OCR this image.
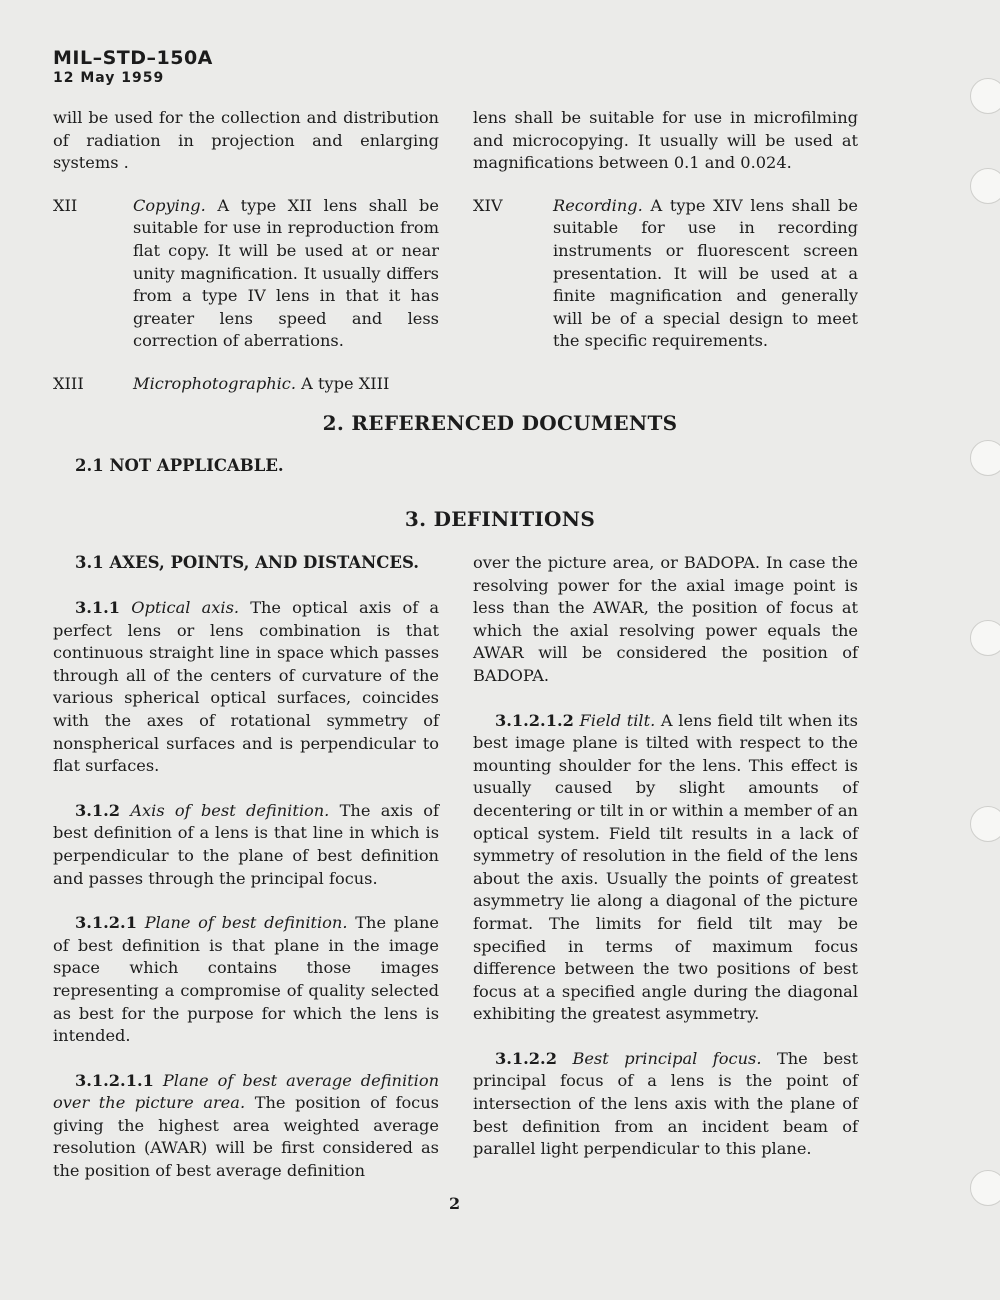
MIL–STD–150A
12 May 1959

will be used for the collection and distribution of radiation in projection and enlarging systems .

XII	Copying. A type XII lens shall be suitable for use in reproduction from flat copy. It will be used at or near unity magnification. It usually differs from a type IV lens in that it has greater lens speed and less correction of aberrations.
XIII	Microphotographic. A type XIII

lens shall be suitable for use in microfilming and microcopying. It usually will be used at magnifications between 0.1 and 0.024.

XIV	Recording. A type XIV lens shall be suitable for use in recording instruments or fluorescent screen presentation. It will be used at a finite magnification and generally will be of a special design to meet the specific requirements.
2. REFERENCED DOCUMENTS
2.1 NOT APPLICABLE.
3. DEFINITIONS
3.1 AXES, POINTS, AND DISTANCES.

3.1.1 Optical axis. The optical axis of a perfect lens or lens combination is that continuous straight line in space which passes through all of the centers of curvature of the various spherical optical surfaces, coincides with the axes of rotational symmetry of nonspherical surfaces and is perpendicular to flat surfaces.

3.1.2 Axis of best definition. The axis of best definition of a lens is that line in which is perpendicular to the plane of best definition and passes through the principal focus.

3.1.2.1 Plane of best definition. The plane of best definition is that plane in the image space which contains those images representing a compromise of quality selected as best for the purpose for which the lens is intended.

3.1.2.1.1 Plane of best average definition over the picture area. The position of focus giving the highest area weighted average resolution (AWAR) will be first considered as the position of best average definition

over the picture area, or BADOPA. In case the resolving power for the axial image point is less than the AWAR, the position of focus at which the axial resolving power equals the AWAR will be considered the position of BADOPA.

3.1.2.1.2 Field tilt. A lens field tilt when its best image plane is tilted with respect to the mounting shoulder for the lens. This effect is usually caused by slight amounts of decentering or tilt in or within a member of an optical system. Field tilt results in a lack of symmetry of resolution in the field of the lens about the axis. Usually the points of greatest asymmetry lie along a diagonal of the picture format. The limits for field tilt may be specified in terms of maximum focus difference between the two positions of best focus at a specified angle during the diagonal exhibiting the greatest asymmetry.

3.1.2.2 Best principal focus. The best principal focus of a lens is the point of intersection of the lens axis with the plane of best definition from an incident beam of parallel light perpendicular to this plane.

2
